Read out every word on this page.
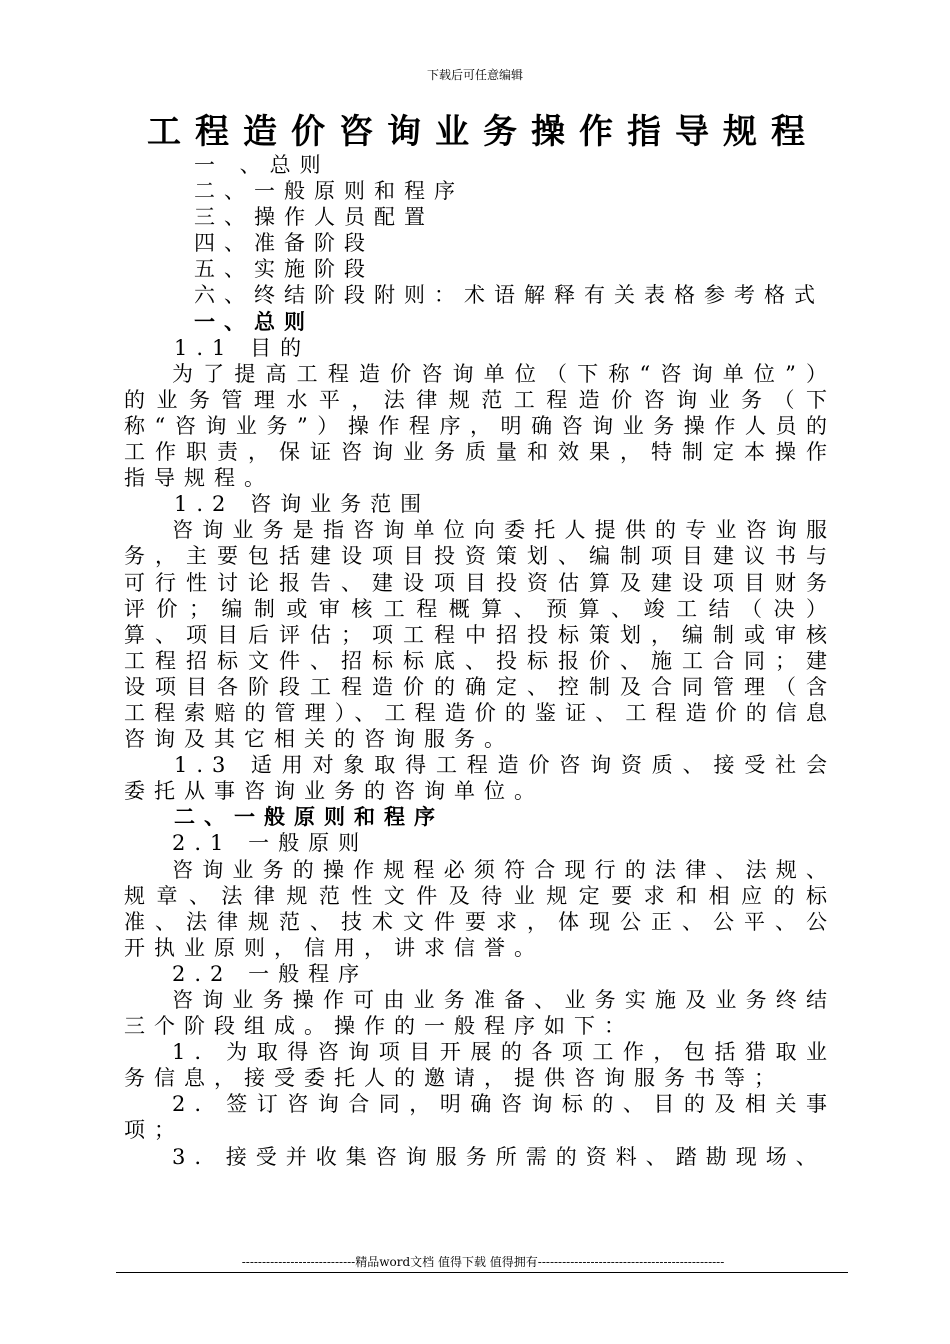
下载后可任意编辑
工程造价咨询业务操作指导规程

一 、总则

二、一般原则和程序

三、操作人员配置

四、准备阶段

五、实施阶段

六、终结阶段附则：术语解释有关表格参考格式

一、总则

1.1 目的

为了提高工程造价咨询单位（下称“咨询单位”）的业务管理水平，法律规范工程造价咨询业务（下称“咨询业务”）操作程序，明确咨询业务操作人员的工作职责，保证咨询业务质量和效果，特制定本操作指导规程。

1.2 咨询业务范围

咨询业务是指咨询单位向委托人提供的专业咨询服务，主要包括建设项目投资策划、编制项目建议书与可行性讨论报告、建设项目投资估算及建设项目财务评价；编制或审核工程概算、预算、竣工结（决）算、项目后评估；项工程中招投标策划，编制或审核工程招标文件、招标标底、投标报价、施工合同；建设项目各阶段工程造价的确定、控制及合同管理（含工程索赔的管理）、工程造价的鉴证、工程造价的信息咨询及其它相关的咨询服务。

1.3 适用对象取得工程造价咨询资质、接受社会委托从事咨询业务的咨询单位。

二、一般原则和程序

2.1 一般原则

咨询业务的操作规程必须符合现行的法律、法规、规章、法律规范性文件及待业规定要求和相应的标准、法律规范、技术文件要求，体现公正、公平、公开执业原则，信用，讲求信誉。

2.2 一般程序

咨询业务操作可由业务准备、业务实施及业务终结三个阶段组成。操作的一般程序如下：

1. 为取得咨询项目开展的各项工作，包括猎取业务信息，接受委托人的邀请，提供咨询服务书等；

2. 签订咨询合同，明确咨询标的、目的及相关事项；

3. 接受并收集咨询服务所需的资料、踏勘现场、

----------------------------精品word文档 值得下载 值得拥有----------------------------------------------
